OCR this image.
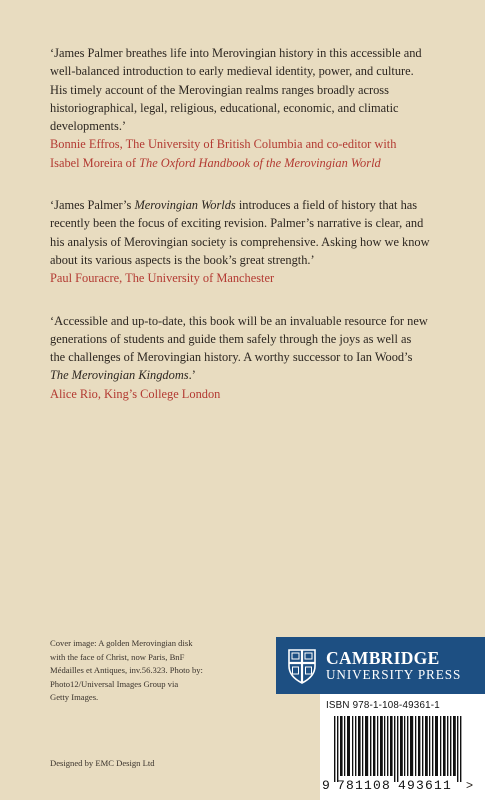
‘James Palmer breathes life into Merovingian history in this accessible and
well-balanced introduction to early medieval identity, power, and culture.
His timely account of the Merovingian realms ranges broadly across
historiographical, legal, religious, educational, economic, and climatic
developments.’
Bonnie Effros, The University of British Columbia and co-editor with
Isabel Moreira of The Oxford Handbook of the Merovingian World
‘James Palmer’s Merovingian Worlds introduces a field of history that has
recently been the focus of exciting revision. Palmer’s narrative is clear, and
his analysis of Merovingian society is comprehensive. Asking how we know
about its various aspects is the book’s great strength.’
Paul Fouracre, The University of Manchester
‘Accessible and up-to-date, this book will be an invaluable resource for new
generations of students and guide them safely through the joys as well as
the challenges of Merovingian history. A worthy successor to Ian Wood’s
The Merovingian Kingdoms.’
Alice Rio, King’s College London
Cover image: A golden Merovingian disk
with the face of Christ, now Paris, BnF
Médailles et Antiques, inv.56.323. Photo by:
Photo12/Universal Images Group via
Getty Images.
Designed by EMC Design Ltd
CAMBRIDGE
UNIVERSITY PRESS
ISBN 978-1-108-49361-1
9 781108 493611 >
